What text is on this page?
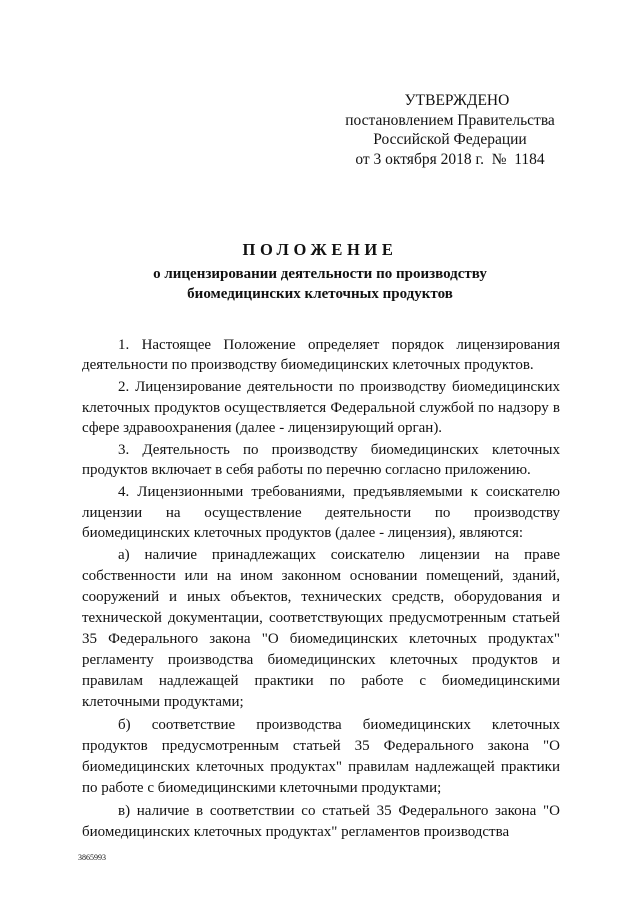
УТВЕРЖДЕНО
постановлением Правительства
Российской Федерации
от 3 октября 2018 г.  №  1184
ПОЛОЖЕНИЕ
о лицензировании деятельности по производству
биомедицинских клеточных продуктов

1. Настоящее Положение определяет порядок лицензирования деятельности по производству биомедицинских клеточных продуктов.

2. Лицензирование деятельности по производству биомедицинских клеточных продуктов осуществляется Федеральной службой по надзору в сфере здравоохранения (далее - лицензирующий орган).

3. Деятельность по производству биомедицинских клеточных продуктов включает в себя работы по перечню согласно приложению.

4. Лицензионными требованиями, предъявляемыми к соискателю лицензии на осуществление деятельности по производству биомедицинских клеточных продуктов (далее - лицензия), являются:

а) наличие принадлежащих соискателю лицензии на праве собственности или на ином законном основании помещений, зданий, сооружений и иных объектов, технических средств, оборудования и технической документации, соответствующих предусмотренным статьей 35 Федерального закона "О биомедицинских клеточных продуктах" регламенту производства биомедицинских клеточных продуктов и правилам надлежащей практики по работе с биомедицинскими клеточными продуктами;

б) соответствие производства биомедицинских клеточных продуктов предусмотренным статьей 35 Федерального закона "О биомедицинских клеточных продуктах" правилам надлежащей практики по работе с биомедицинскими клеточными продуктами;

в) наличие в соответствии со статьей 35 Федерального закона "О биомедицинских клеточных продуктах" регламентов производства

3865993
